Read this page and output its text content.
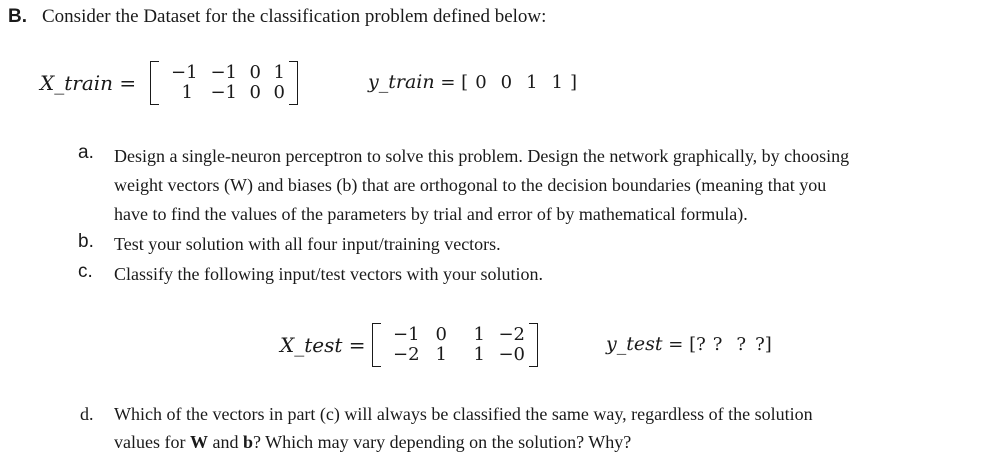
B. Consider the Dataset for the classification problem defined below:
X_train =	−1 −1 0 1
1 −1 0 0	y_train = [ 0 0 1 1 ]
a. Design a single-neuron perceptron to solve this problem. Design the network graphically, by choosing
weight vectors (W) and biases (b) that are orthogonal to the decision boundaries (meaning that you
have to find the values of the parameters by trial and error of by mathematical formula).
b. Test your solution with all four input/training vectors.
c. Classify the following input/test vectors with your solution.
X_test =	−1 0	1 −2
−2 1	1 −0	y_test = [? ? ? ?]
d. Which of the vectors in part (c) will always be classified the same way, regardless of the solution
values for W and b? Which may vary depending on the solution? Why?
